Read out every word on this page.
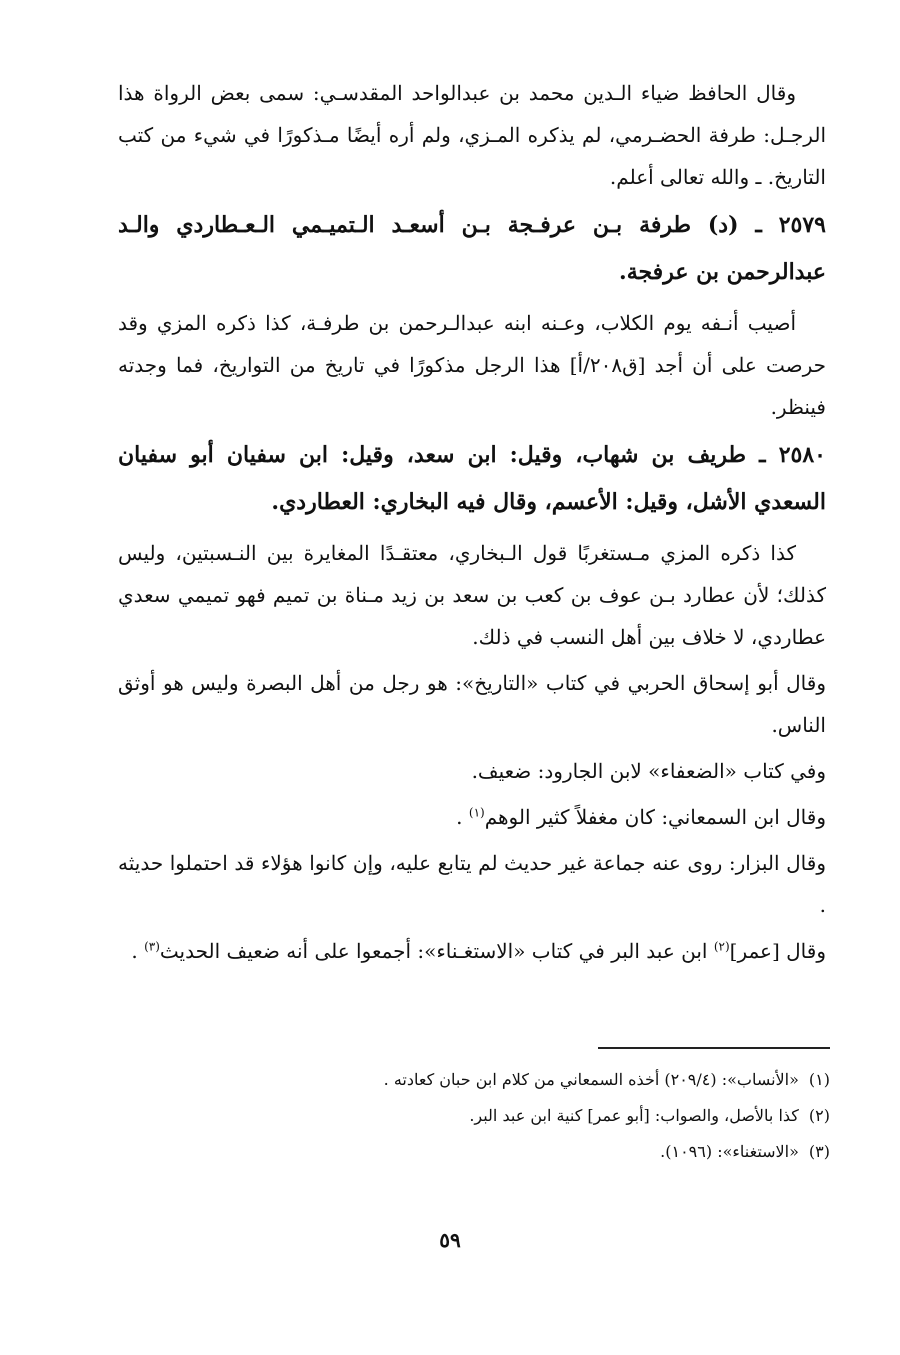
وقال الحافظ ضياء الـدين محمد بن عبدالواحد المقدسـي: سمى بعض الرواة هذا الرجـل: طرفة الحضـرمي، لم يذكره المـزي، ولم أره أيضًا مـذكورًا في شيء من كتب التاريخ. ـ والله تعالى أعلم.

٢٥٧٩ ـ (د) طرفة بـن عرفـجة بـن أسعـد الـتميـمي الـعـطاردي والـد عبدالرحمن بن عرفجة.

أصيب أنـفه يوم الكلاب، وعـنه ابنه عبدالـرحمن بن طرفـة، كذا ذكره المزي وقد حرصت على أن أجد [ق٢٠٨/أ] هذا الرجل مذكورًا في تاريخ من التواريخ، فما وجدته فينظر.

٢٥٨٠ ـ طريف بن شهاب، وقيل: ابن سعد، وقيل: ابن سفيان أبو سفيان السعدي الأشل، وقيل: الأعسم، وقال فيه البخاري: العطاردي.

كذا ذكره المزي مـستغربًا قول الـبخاري، معتقـدًا المغايرة بين النـسبتين، وليس كذلك؛ لأن عطارد بـن عوف بن كعب بن سعد بن زيد مـناة بن تميم فهو تميمي سعدي عطاردي، لا خلاف بين أهل النسب في ذلك.

وقال أبو إسحاق الحربي في كتاب «التاريخ»: هو رجل من أهل البصرة وليس هو أوثق الناس.

وفي كتاب «الضعفاء» لابن الجارود: ضعيف.

وقال ابن السمعاني: كان مغفلاً كثير الوهم$^{(١)}$ .

وقال البزار: روى عنه جماعة غير حديث لم يتابع عليه، وإن كانوا هؤلاء قد احتملوا حديثه .

وقال [عمر]$^{(٢)}$ ابن عبد البر في كتاب «الاستغـناء»: أجمعوا على أنه ضعيف الحديث$^{(٣)}$ .

(١)«الأنساب»: (٢٠٩/٤) أخذه السمعاني من كلام ابن حبان كعادته .
(٢)كذا بالأصل، والصواب: [أبو عمر] كنية ابن عبد البر.
(٣)«الاستغناء»: (١٠٩٦).
٥٩
